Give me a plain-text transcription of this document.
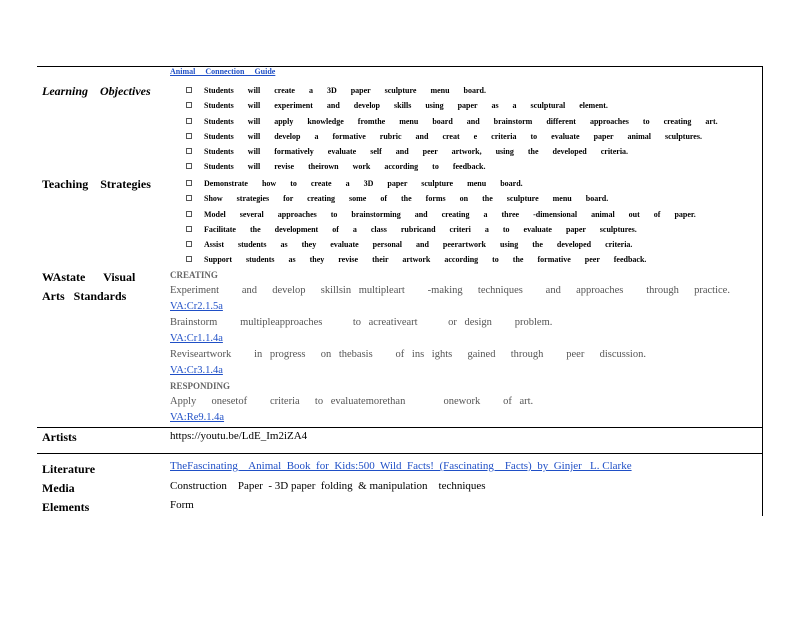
Animal     Connection     Guide
Learning    Objectives	Students will create a 3D paper sculpture menu board.
Students will experiment and develop skills using paper as a sculptural element.
Students will apply knowledge fromthe menu board and brainstorm different approaches to creating art.
Students will develop a formative rubric and creat e criteria to evaluate paper animal sculptures.
Students will formatively evaluate self and peer artwork, using the developed criteria.
Students will revise theirown work according to feedback.
Teaching    Strategies	Demonstrate how to create a 3D paper sculpture menu board.
Show strategies for creating some of the forms on the sculpture menu board.
Model several approaches to brainstorming and creating a three -dimensional animal out of paper.
Facilitate the development of a class rubricand criteri a to evaluate paper sculptures.
Assist students as they evaluate personal and peerartwork using the developed criteria.
Support students as they revise their artwork according to the formative peer feedback.
WAstate      Visual
Arts   Standards
CREATING
Experiment   and  develop  skillsin multipleart   -making  techniques   and  approaches   through  practice.
VA:Cr2.1.5a
Brainstorm   multipleapproaches    to acreativeart    or design   problem.
VA:Cr1.1.4a
Reviseartwork   in progress  on thebasis   of ins ights  gained  through   peer  discussion.
VA:Cr3.1.4a
RESPONDING
Apply  onesetof   criteria  to evaluatemorethan     onework   of art.
VA:Re9.1.4a
Artists	https://youtu.be/LdE_Im2iZA4
Literature	TheFascinating    Animal  Book  for  Kids:500  Wild  Facts!  (Fascinating    Facts)  by  Ginjer   L. Clarke
Media	Construction    Paper  - 3D paper  folding  & manipulation    techniques
Elements	Form
